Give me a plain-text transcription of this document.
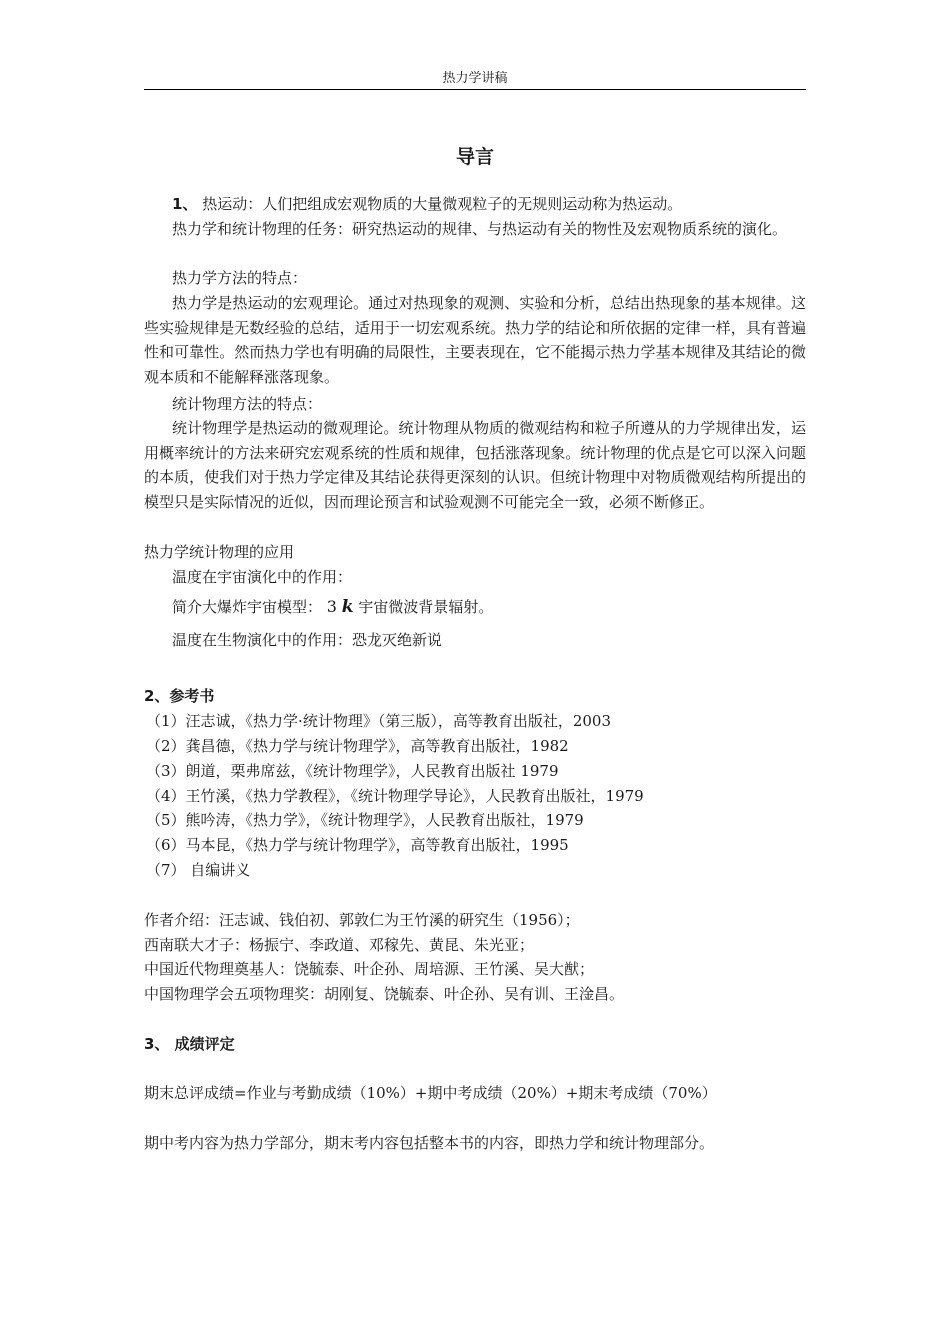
热力学讲稿
导言

1、 热运动：人们把组成宏观物质的大量微观粒子的无规则运动称为热运动。

热力学和统计物理的任务：研究热运动的规律、与热运动有关的物性及宏观物质系统的演化。

热力学方法的特点：

热力学是热运动的宏观理论。通过对热现象的观测、实验和分析，总结出热现象的基本规律。这些实验规律是无数经验的总结，适用于一切宏观系统。热力学的结论和所依据的定律一样，具有普遍性和可靠性。然而热力学也有明确的局限性，主要表现在，它不能揭示热力学基本规律及其结论的微观本质和不能解释涨落现象。

统计物理方法的特点：

统计物理学是热运动的微观理论。统计物理从物质的微观结构和粒子所遵从的力学规律出发，运用概率统计的方法来研究宏观系统的性质和规律，包括涨落现象。统计物理的优点是它可以深入问题的本质，使我们对于热力学定律及其结论获得更深刻的认识。但统计物理中对物质微观结构所提出的模型只是实际情况的近似，因而理论预言和试验观测不可能完全一致，必须不断修正。

热力学统计物理的应用

温度在宇宙演化中的作用：

简介大爆炸宇宙模型： 3 k 宇宙微波背景辐射。

温度在生物演化中的作用：恐龙灭绝新说

2、参考书
（1）汪志诚，《热力学·统计物理》（第三版），高等教育出版社，2003
（2）龚昌德，《热力学与统计物理学》，高等教育出版社，1982
（3）朗道，栗弗席兹，《统计物理学》，人民教育出版社 1979
（4）王竹溪，《热力学教程》，《统计物理学导论》，人民教育出版社，1979
（5）熊吟涛，《热力学》，《统计物理学》，人民教育出版社，1979
（6）马本昆，《热力学与统计物理学》，高等教育出版社，1995
（7） 自编讲义
作者介绍：汪志诚、钱伯初、郭敦仁为王竹溪的研究生（1956）；
西南联大才子：杨振宁、李政道、邓稼先、黄昆、朱光亚；
中国近代物理奠基人：饶毓泰、叶企孙、周培源、王竹溪、吴大猷；
中国物理学会五项物理奖：胡刚复、饶毓泰、叶企孙、吴有训、王淦昌。
3、 成绩评定
期末总评成绩=作业与考勤成绩（10%）+期中考成绩（20%）+期末考成绩（70%）
期中考内容为热力学部分，期末考内容包括整本书的内容，即热力学和统计物理部分。
